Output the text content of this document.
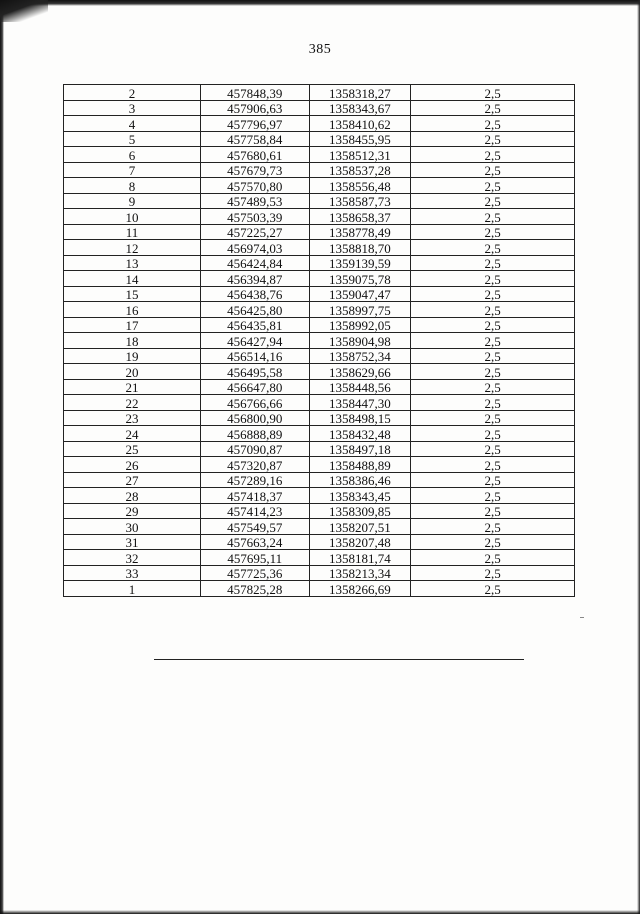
385
2	457848,39	1358318,27	2,5
3	457906,63	1358343,67	2,5
4	457796,97	1358410,62	2,5
5	457758,84	1358455,95	2,5
6	457680,61	1358512,31	2,5
7	457679,73	1358537,28	2,5
8	457570,80	1358556,48	2,5
9	457489,53	1358587,73	2,5
10	457503,39	1358658,37	2,5
11	457225,27	1358778,49	2,5
12	456974,03	1358818,70	2,5
13	456424,84	1359139,59	2,5
14	456394,87	1359075,78	2,5
15	456438,76	1359047,47	2,5
16	456425,80	1358997,75	2,5
17	456435,81	1358992,05	2,5
18	456427,94	1358904,98	2,5
19	456514,16	1358752,34	2,5
20	456495,58	1358629,66	2,5
21	456647,80	1358448,56	2,5
22	456766,66	1358447,30	2,5
23	456800,90	1358498,15	2,5
24	456888,89	1358432,48	2,5
25	457090,87	1358497,18	2,5
26	457320,87	1358488,89	2,5
27	457289,16	1358386,46	2,5
28	457418,37	1358343,45	2,5
29	457414,23	1358309,85	2,5
30	457549,57	1358207,51	2,5
31	457663,24	1358207,48	2,5
32	457695,11	1358181,74	2,5
33	457725,36	1358213,34	2,5
1	457825,28	1358266,69	2,5
